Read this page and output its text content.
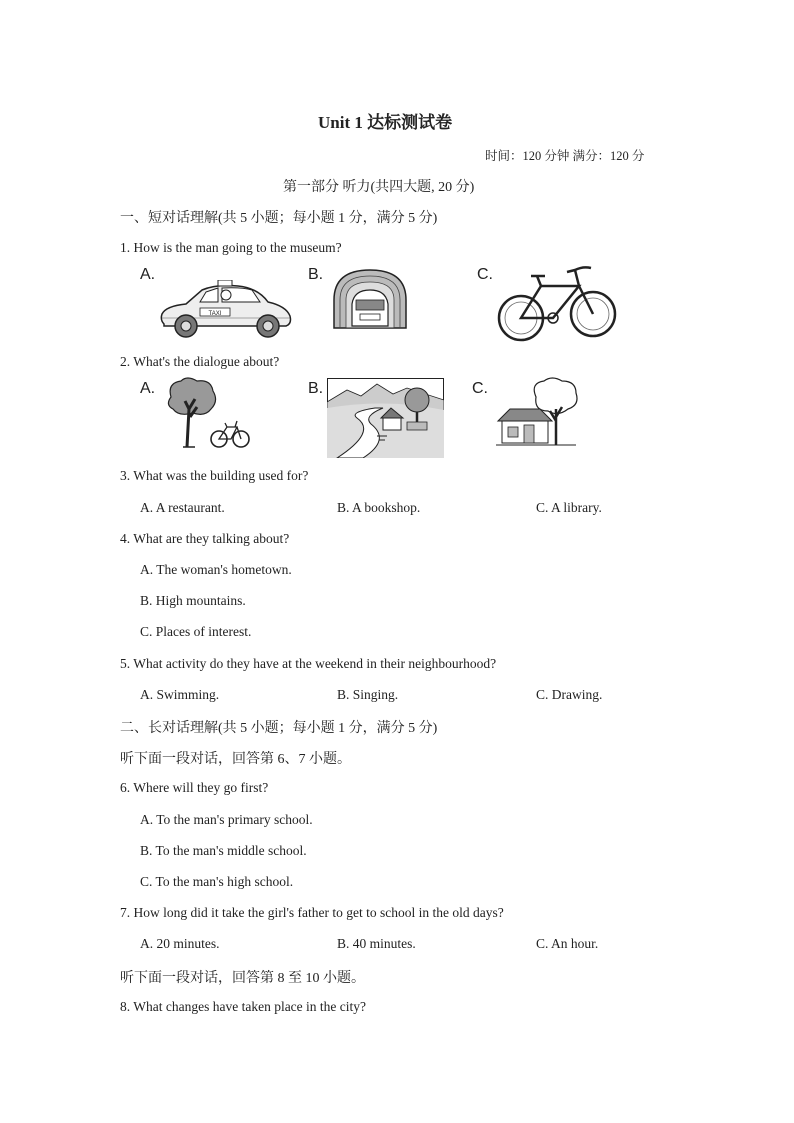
Unit 1 达标测试卷
时间：120 分钟 满分：120 分
第一部分 听力(共四大题, 20 分)
一、短对话理解(共 5 小题；每小题 1 分，满分 5 分)
1. How is the man going to the museum?
A.	B.	C.
TAXI
2. What's the dialogue about?
A.	B.	C.
3. What was the building used for?
A. A restaurant.	B. A bookshop.	C. A library.
4. What are they talking about?
A. The woman's hometown.
B. High mountains.
C. Places of interest.
5. What activity do they have at the weekend in their neighbourhood?
A. Swimming.	B. Singing.	C. Drawing.
二、长对话理解(共 5 小题；每小题 1 分，满分 5 分)
听下面一段对话，回答第 6、7 小题。
6. Where will they go first?
A. To the man's primary school.
B. To the man's middle school.
C. To the man's high school.
7. How long did it take the girl's father to get to school in the old days?
A. 20 minutes.	B. 40 minutes.	C. An hour.
听下面一段对话，回答第 8 至 10 小题。
8. What changes have taken place in the city?
